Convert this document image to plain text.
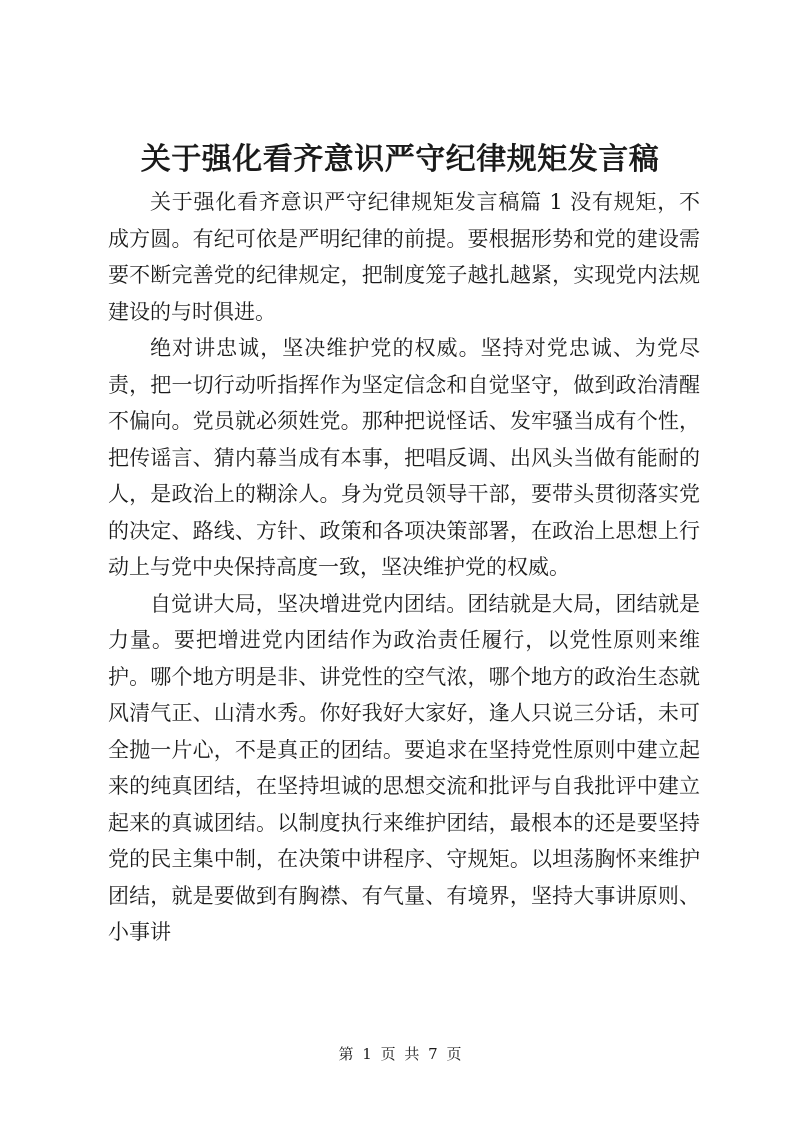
关于强化看齐意识严守纪律规矩发言稿

关于强化看齐意识严守纪律规矩发言稿篇 1 没有规矩，不成方圆。有纪可依是严明纪律的前提。要根据形势和党的建设需要不断完善党的纪律规定，把制度笼子越扎越紧，实现党内法规建设的与时俱进。

绝对讲忠诚，坚决维护党的权威。坚持对党忠诚、为党尽责，把一切行动听指挥作为坚定信念和自觉坚守，做到政治清醒不偏向。党员就必须姓党。那种把说怪话、发牢骚当成有个性，把传谣言、猜内幕当成有本事，把唱反调、出风头当做有能耐的人，是政治上的糊涂人。身为党员领导干部，要带头贯彻落实党的决定、路线、方针、政策和各项决策部署，在政治上思想上行动上与党中央保持高度一致，坚决维护党的权威。

自觉讲大局，坚决增进党内团结。团结就是大局，团结就是力量。要把增进党内团结作为政治责任履行，以党性原则来维护。哪个地方明是非、讲党性的空气浓，哪个地方的政治生态就风清气正、山清水秀。你好我好大家好，逢人只说三分话，未可全抛一片心，不是真正的团结。要追求在坚持党性原则中建立起来的纯真团结，在坚持坦诚的思想交流和批评与自我批评中建立起来的真诚团结。以制度执行来维护团结，最根本的还是要坚持党的民主集中制，在决策中讲程序、守规矩。以坦荡胸怀来维护团结，就是要做到有胸襟、有气量、有境界，坚持大事讲原则、小事讲

第 1 页 共 7 页
